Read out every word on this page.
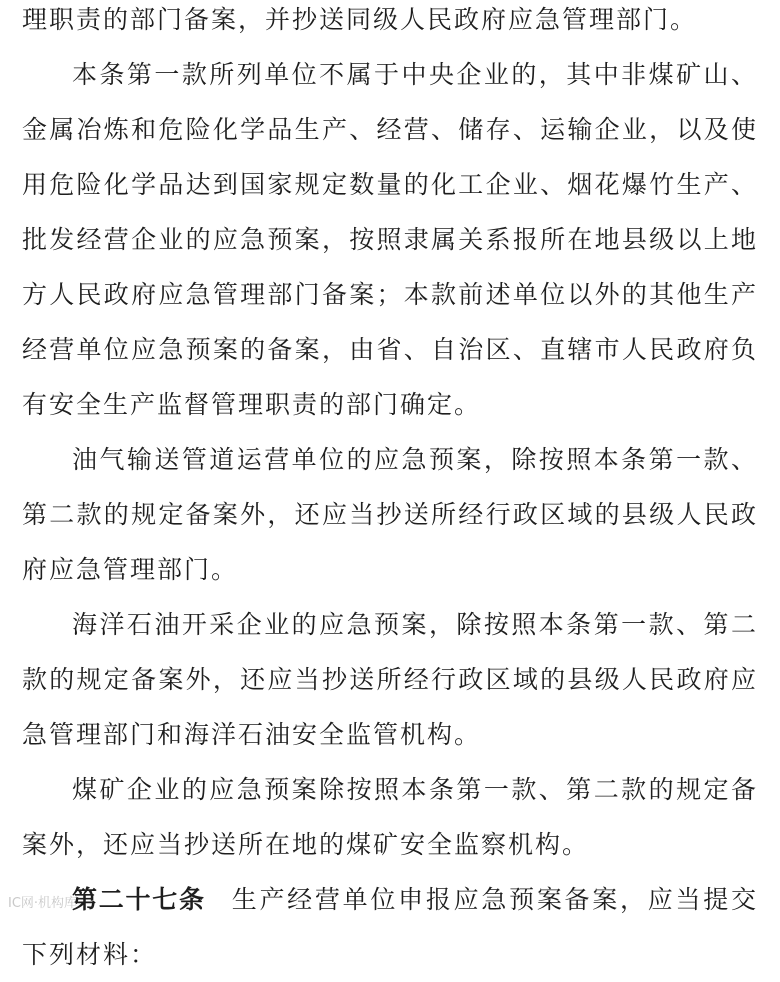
理职责的部门备案，并抄送同级人民政府应急管理部门。

本条第一款所列单位不属于中央企业的，其中非煤矿山、金属冶炼和危险化学品生产、经营、储存、运输企业，以及使用危险化学品达到国家规定数量的化工企业、烟花爆竹生产、批发经营企业的应急预案，按照隶属关系报所在地县级以上地方人民政府应急管理部门备案；本款前述单位以外的其他生产经营单位应急预案的备案，由省、自治区、直辖市人民政府负有安全生产监督管理职责的部门确定。

油气输送管道运营单位的应急预案，除按照本条第一款、第二款的规定备案外，还应当抄送所经行政区域的县级人民政府应急管理部门。

海洋石油开采企业的应急预案，除按照本条第一款、第二款的规定备案外，还应当抄送所经行政区域的县级人民政府应急管理部门和海洋石油安全监管机构。

煤矿企业的应急预案除按照本条第一款、第二款的规定备案外，还应当抄送所在地的煤矿安全监察机构。

第二十七条 生产经营单位申报应急预案备案，应当提交下列材料：

IC网·机构库
